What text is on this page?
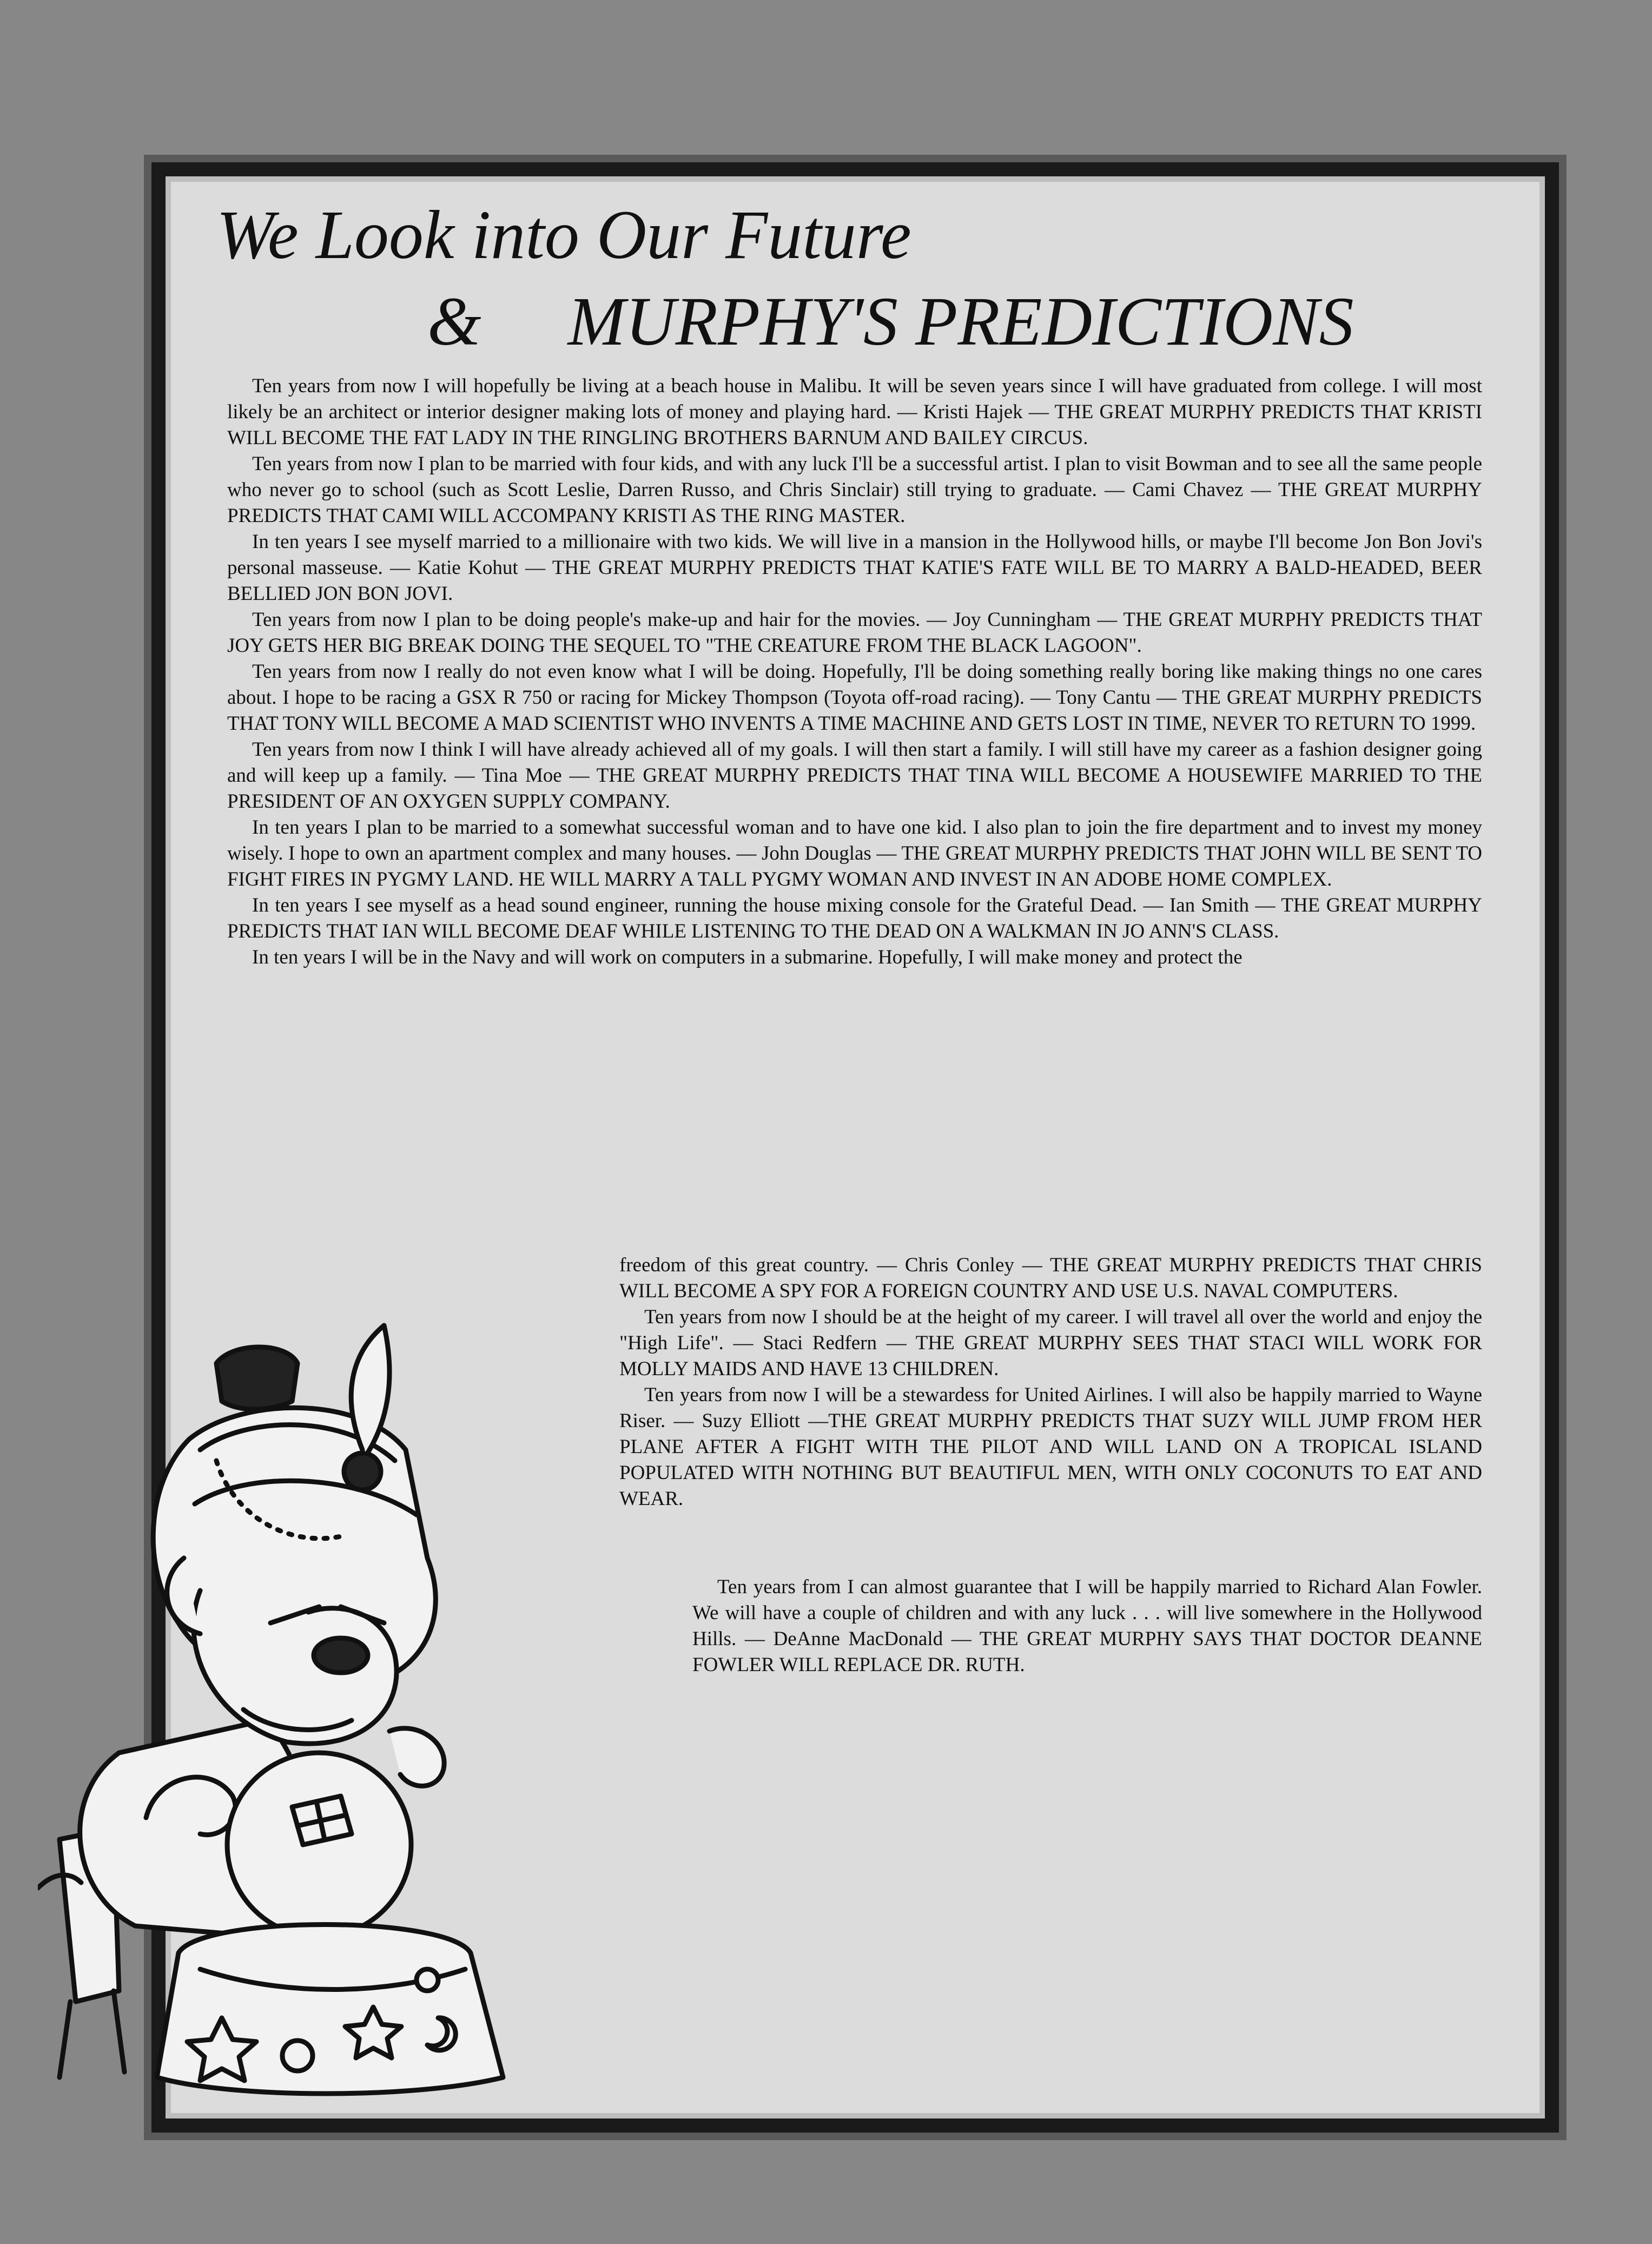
We Look into Our Future
& MURPHY'S PREDICTIONS

Ten years from now I will hopefully be living at a beach house in Malibu. It will be seven years since I will have graduated from college. I will most likely be an architect or interior designer making lots of money and playing hard. — Kristi Hajek — THE GREAT MURPHY PREDICTS THAT KRISTI WILL BECOME THE FAT LADY IN THE RINGLING BROTHERS BARNUM AND BAILEY CIRCUS.

Ten years from now I plan to be married with four kids, and with any luck I'll be a successful artist. I plan to visit Bowman and to see all the same people who never go to school (such as Scott Leslie, Darren Russo, and Chris Sinclair) still trying to graduate. — Cami Chavez — THE GREAT MURPHY PREDICTS THAT CAMI WILL ACCOMPANY KRISTI AS THE RING MASTER.

In ten years I see myself married to a millionaire with two kids. We will live in a mansion in the Hollywood hills, or maybe I'll become Jon Bon Jovi's personal masseuse. — Katie Kohut — THE GREAT MURPHY PREDICTS THAT KATIE'S FATE WILL BE TO MARRY A BALD-HEADED, BEER BELLIED JON BON JOVI.

Ten years from now I plan to be doing people's make-up and hair for the movies. — Joy Cunningham — THE GREAT MURPHY PREDICTS THAT JOY GETS HER BIG BREAK DOING THE SEQUEL TO "THE CREATURE FROM THE BLACK LAGOON".

Ten years from now I really do not even know what I will be doing. Hopefully, I'll be doing something really boring like making things no one cares about. I hope to be racing a GSX R 750 or racing for Mickey Thompson (Toyota off-road racing). — Tony Cantu — THE GREAT MURPHY PREDICTS THAT TONY WILL BECOME A MAD SCIENTIST WHO INVENTS A TIME MACHINE AND GETS LOST IN TIME, NEVER TO RETURN TO 1999.

Ten years from now I think I will have already achieved all of my goals. I will then start a family. I will still have my career as a fashion designer going and will keep up a family. — Tina Moe — THE GREAT MURPHY PREDICTS THAT TINA WILL BECOME A HOUSEWIFE MARRIED TO THE PRESIDENT OF AN OXYGEN SUPPLY COMPANY.

In ten years I plan to be married to a somewhat successful woman and to have one kid. I also plan to join the fire department and to invest my money wisely. I hope to own an apartment complex and many houses. — John Douglas — THE GREAT MURPHY PREDICTS THAT JOHN WILL BE SENT TO FIGHT FIRES IN PYGMY LAND. HE WILL MARRY A TALL PYGMY WOMAN AND INVEST IN AN ADOBE HOME COMPLEX.

In ten years I see myself as a head sound engineer, running the house mixing console for the Grateful Dead. — Ian Smith — THE GREAT MURPHY PREDICTS THAT IAN WILL BECOME DEAF WHILE LISTENING TO THE DEAD ON A WALKMAN IN JO ANN'S CLASS.

In ten years I will be in the Navy and will work on computers in a submarine. Hopefully, I will make money and protect the

freedom of this great country. — Chris Conley — THE GREAT MURPHY PREDICTS THAT CHRIS WILL BECOME A SPY FOR A FOREIGN COUNTRY AND USE U.S. NAVAL COMPUTERS.

Ten years from now I should be at the height of my career. I will travel all over the world and enjoy the "High Life". — Staci Redfern — THE GREAT MURPHY SEES THAT STACI WILL WORK FOR MOLLY MAIDS AND HAVE 13 CHILDREN.

Ten years from now I will be a stewardess for United Airlines. I will also be happily married to Wayne Riser. — Suzy Elliott —THE GREAT MURPHY PREDICTS THAT SUZY WILL JUMP FROM HER PLANE AFTER A FIGHT WITH THE PILOT AND WILL LAND ON A TROPICAL ISLAND POPULATED WITH NOTHING BUT BEAUTIFUL MEN, WITH ONLY COCONUTS TO EAT AND WEAR.

Ten years from I can almost guarantee that I will be happily married to Richard Alan Fowler. We will have a couple of children and with any luck . . . will live somewhere in the Hollywood Hills. — DeAnne MacDonald — THE GREAT MURPHY SAYS THAT DOCTOR DEANNE FOWLER WILL REPLACE DR. RUTH.
